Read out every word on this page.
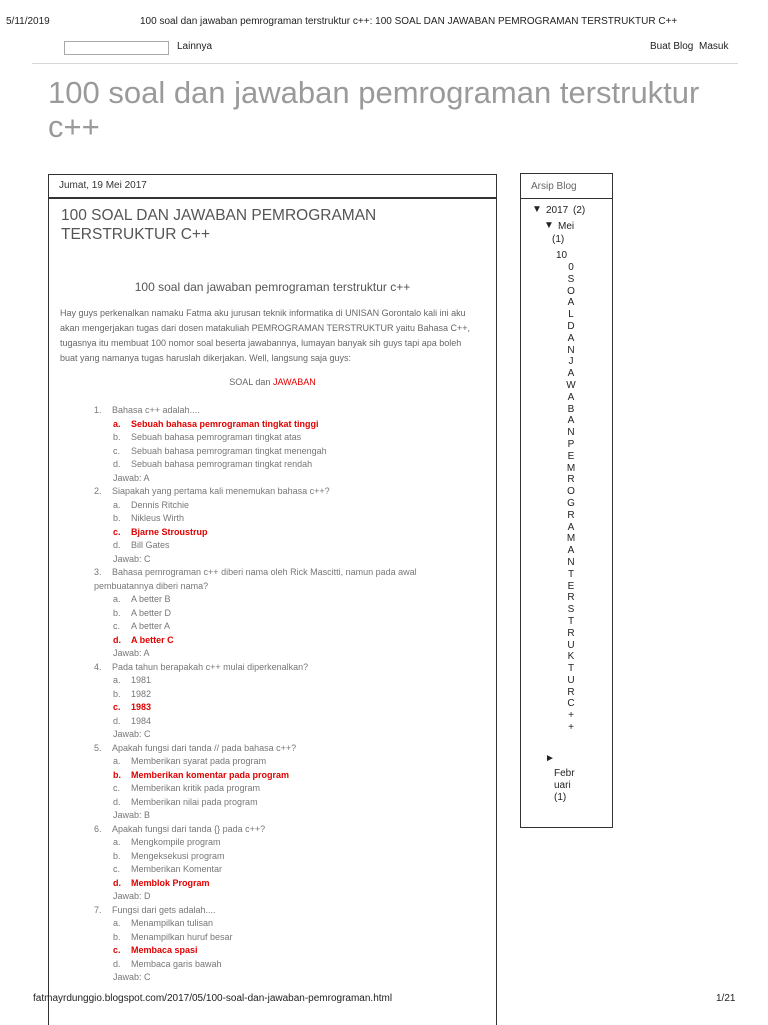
5/11/2019	100 soal dan jawaban pemrograman terstruktur c++: 100 SOAL DAN JAWABAN PEMROGRAMAN TERSTRUKTUR C++
Lainnya	Buat Blog Masuk
100 soal dan jawaban pemrograman terstruktur c++
Jumat, 19 Mei 2017
100 SOAL DAN JAWABAN PEMROGRAMAN TERSTRUKTUR C++
100 soal dan jawaban pemrograman terstruktur c++
Hay guys perkenalkan namaku Fatma aku jurusan teknik informatika di UNISAN Gorontalo kali ini aku akan mengerjakan tugas dari dosen matakuliah PEMROGRAMAN TERSTRUKTUR yaitu Bahasa C++, tugasnya itu membuat 100 nomor soal beserta jawabannya, lumayan banyak sih guys tapi apa boleh buat yang namanya tugas haruslah dikerjakan. Well, langsung saja guys:
SOAL dan JAWABAN
1. Bahasa c++ adalah....
a. Sebuah bahasa pemrograman tingkat tinggi
b. Sebuah bahasa pemrograman tingkat atas
c. Sebuah bahasa pemrograman tingkat menengah
d. Sebuah bahasa pemrograman tingkat rendah
Jawab: A
2. Siapakah yang pertama kali menemukan bahasa c++?
a. Dennis Ritchie
b. Nikleus Wirth
c. Bjarne Stroustrup
d. Bill Gates
Jawab: C
3. Bahasa pemrograman c++ diberi nama oleh Rick Mascitti, namun pada awal
pembuatannya diberi nama?
a. A better B
b. A better D
c. A better A
d. A better C
Jawab: A
4. Pada tahun berapakah c++ mulai diperkenalkan?
a. 1981
b. 1982
c. 1983
d. 1984
Jawab: C
5. Apakah fungsi dari tanda // pada bahasa c++?
a. Memberikan syarat pada program
b. Memberikan komentar pada program
c. Memberikan kritik pada program
d. Memberikan nilai pada program
Jawab: B
6. Apakah fungsi dari tanda {} pada c++?
a. Mengkompile program
b. Mengeksekusi program
c. Memberikan Komentar
d. Memblok Program
Jawab: D
7. Fungsi dari gets adalah....
a. Menampilkan tulisan
b. Menampilkan huruf besar
c. Membaca spasi
d. Membaca garis bawah
Jawab: C
Arsip Blog
▼ 2017 (2)
▼ Mei
(1)
10
0
S
O
A
L
D
A
N
J
A
W
A
B
A
N
P
E
M
R
O
G
R
A
M
A
N
T
E
R
S
T
R
U
K
T
U
R
C
+
+
►
Febr
uari
(1)
fatmayrdunggio.blogspot.com/2017/05/100-soal-dan-jawaban-pemrograman.html	1/21
